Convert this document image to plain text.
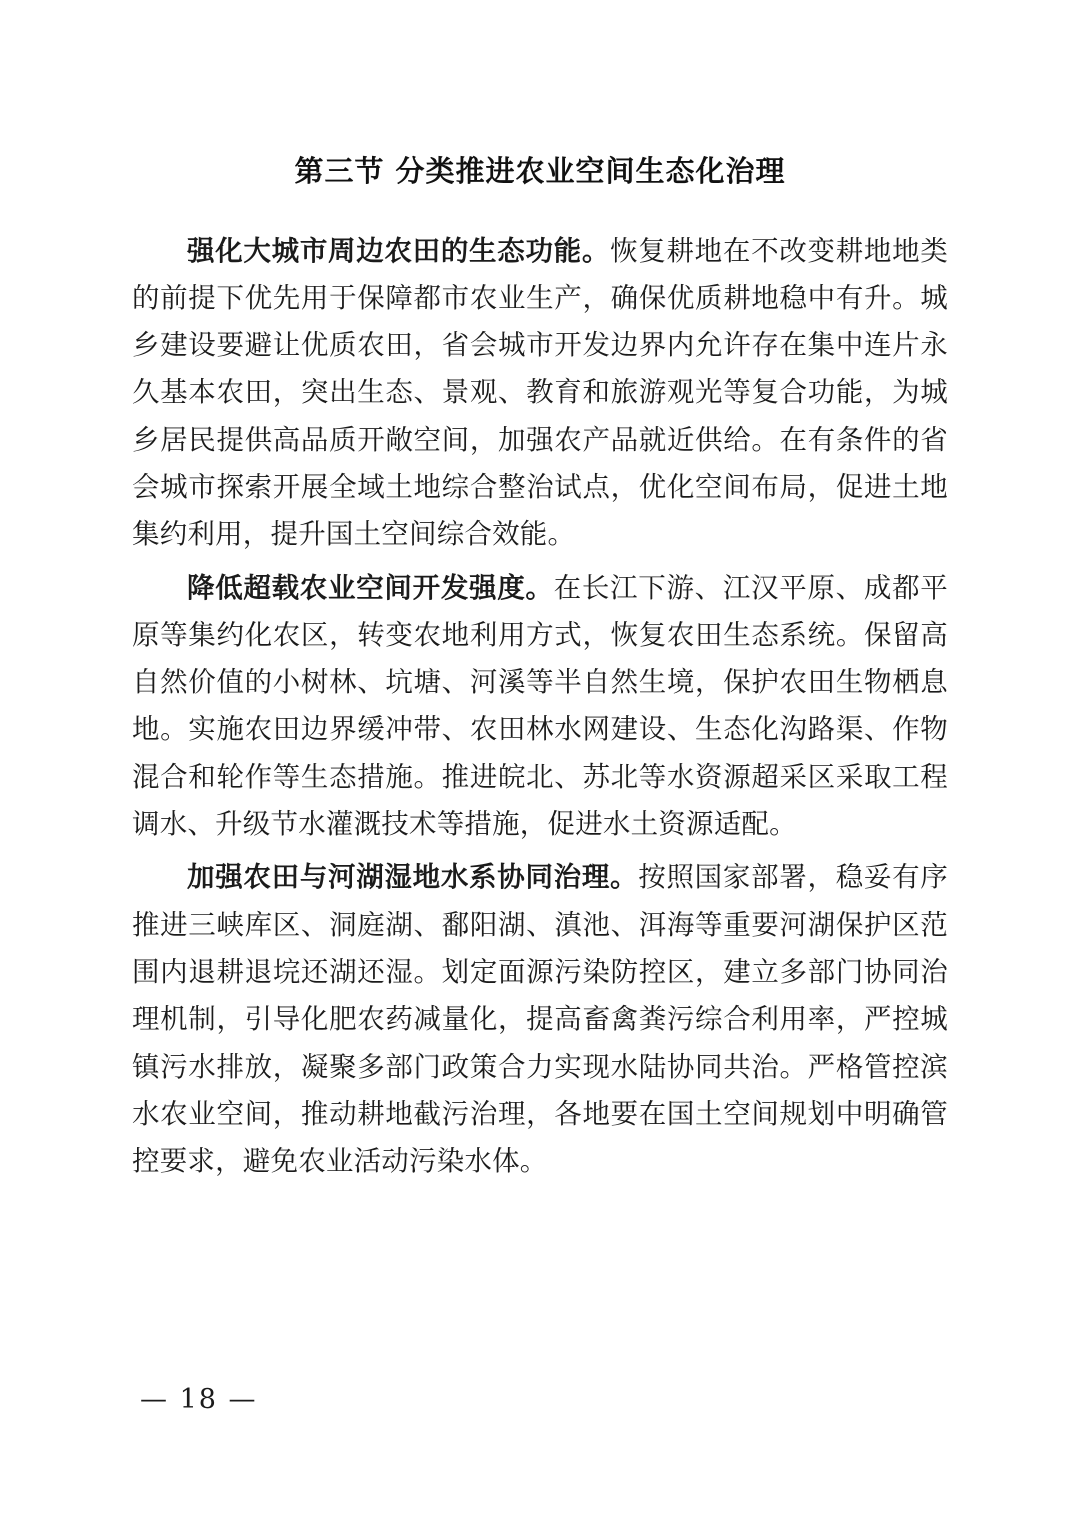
第三节 分类推进农业空间生态化治理

强化大城市周边农田的生态功能。恢复耕地在不改变耕地地类的前提下优先用于保障都市农业生产，确保优质耕地稳中有升。城乡建设要避让优质农田，省会城市开发边界内允许存在集中连片永久基本农田，突出生态、景观、教育和旅游观光等复合功能，为城乡居民提供高品质开敞空间，加强农产品就近供给。在有条件的省会城市探索开展全域土地综合整治试点，优化空间布局，促进土地集约利用，提升国土空间综合效能。

降低超载农业空间开发强度。在长江下游、江汉平原、成都平原等集约化农区，转变农地利用方式，恢复农田生态系统。保留高自然价值的小树林、坑塘、河溪等半自然生境，保护农田生物栖息地。实施农田边界缓冲带、农田林水网建设、生态化沟路渠、作物混合和轮作等生态措施。推进皖北、苏北等水资源超采区采取工程调水、升级节水灌溉技术等措施，促进水土资源适配。

加强农田与河湖湿地水系协同治理。按照国家部署，稳妥有序推进三峡库区、洞庭湖、鄱阳湖、滇池、洱海等重要河湖保护区范围内退耕退垸还湖还湿。划定面源污染防控区，建立多部门协同治理机制，引导化肥农药减量化，提高畜禽粪污综合利用率，严控城镇污水排放，凝聚多部门政策合力实现水陆协同共治。严格管控滨水农业空间，推动耕地截污治理，各地要在国土空间规划中明确管控要求，避免农业活动污染水体。

— 18 —
